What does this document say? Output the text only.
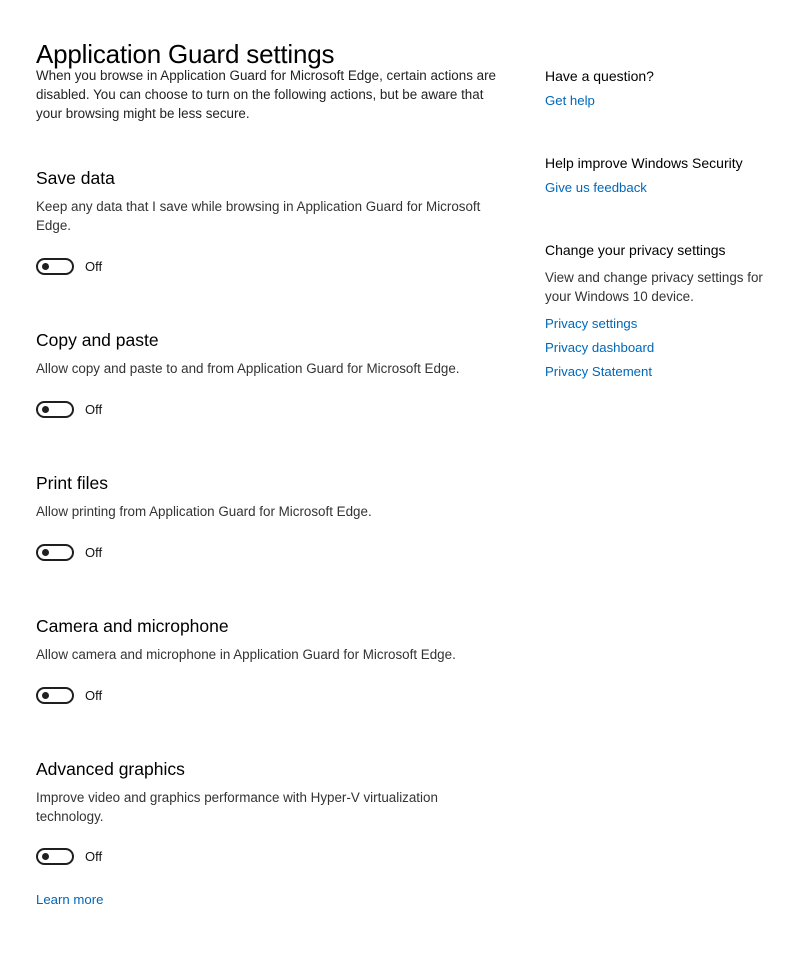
Application Guard settings
When you browse in Application Guard for Microsoft Edge, certain actions are disabled. You can choose to turn on the following actions, but be aware that your browsing might be less secure.
Save data

Keep any data that I save while browsing in Application Guard for Microsoft Edge.

Off
Copy and paste

Allow copy and paste to and from Application Guard for Microsoft Edge.

Off
Print files

Allow printing from Application Guard for Microsoft Edge.

Off
Camera and microphone

Allow camera and microphone in Application Guard for Microsoft Edge.

Off
Advanced graphics

Improve video and graphics performance with Hyper-V virtualization technology.

Off
Learn more
Have a question?
Get help
Help improve Windows Security
Give us feedback
Change your privacy settings
View and change privacy settings for your Windows 10 device.
Privacy settings
Privacy dashboard
Privacy Statement
